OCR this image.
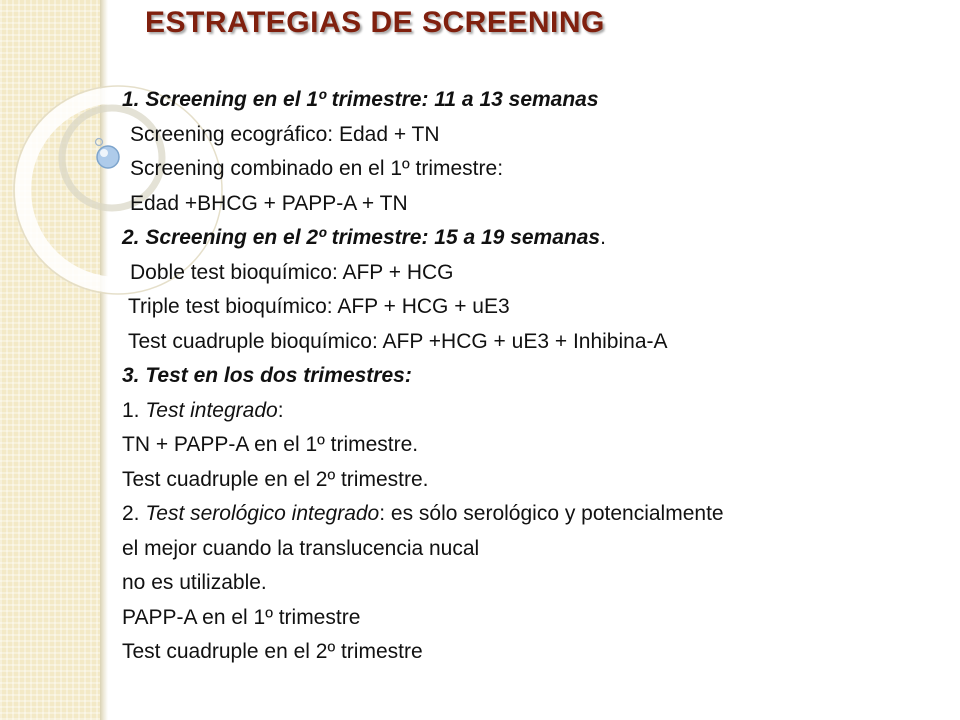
ESTRATEGIAS DE SCREENING
1. Screening en el 1º trimestre: 11 a 13 semanas
Screening ecográfico: Edad + TN
Screening combinado en el 1º trimestre:
Edad +BHCG + PAPP-A + TN
2. Screening en el 2º trimestre: 15 a 19 semanas.
Doble test bioquímico: AFP + HCG
Triple test bioquímico: AFP + HCG + uE3
Test cuadruple bioquímico: AFP +HCG + uE3 + Inhibina-A
3. Test en los dos trimestres:
1. Test integrado:
TN + PAPP-A en el 1º trimestre.
Test cuadruple en el 2º trimestre.
2. Test serológico integrado: es sólo serológico y potencialmente
el mejor cuando la translucencia nucal
no es utilizable.
PAPP-A en el 1º trimestre
Test cuadruple en el 2º trimestre
